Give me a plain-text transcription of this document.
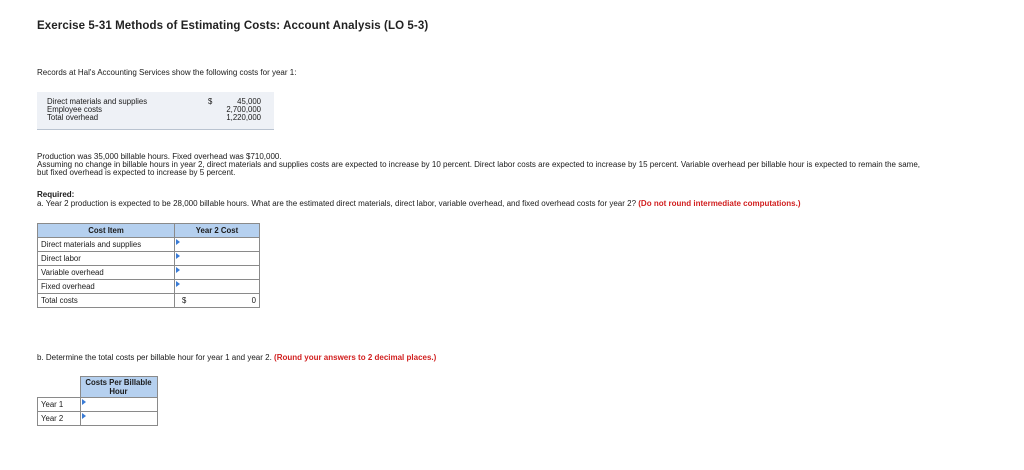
Exercise 5-31 Methods of Estimating Costs: Account Analysis (LO 5-3)
Records at Hal's Accounting Services show the following costs for year 1:
Direct materials and supplies	$	45,000
Employee costs	2,700,000
Total overhead	1,220,000
Production was 35,000 billable hours. Fixed overhead was $710,000.
Assuming no change in billable hours in year 2, direct materials and supplies costs are expected to increase by 10 percent. Direct labor costs are expected to increase by 15 percent. Variable overhead per billable hour is expected to remain the same,
but fixed overhead is expected to increase by 5 percent.
Required:
a. Year 2 production is expected to be 28,000 billable hours. What are the estimated direct materials, direct labor, variable overhead, and fixed overhead costs for year 2? (Do not round intermediate computations.)
Cost Item	Year 2 Cost
Direct materials and supplies	

Direct labor	

Variable overhead	

Fixed overhead	

Total costs	$ 0
b. Determine the total costs per billable hour for year 1 and year 2. (Round your answers to 2 decimal places.)
	Costs Per Billable Hour
Year 1	

Year 2	
